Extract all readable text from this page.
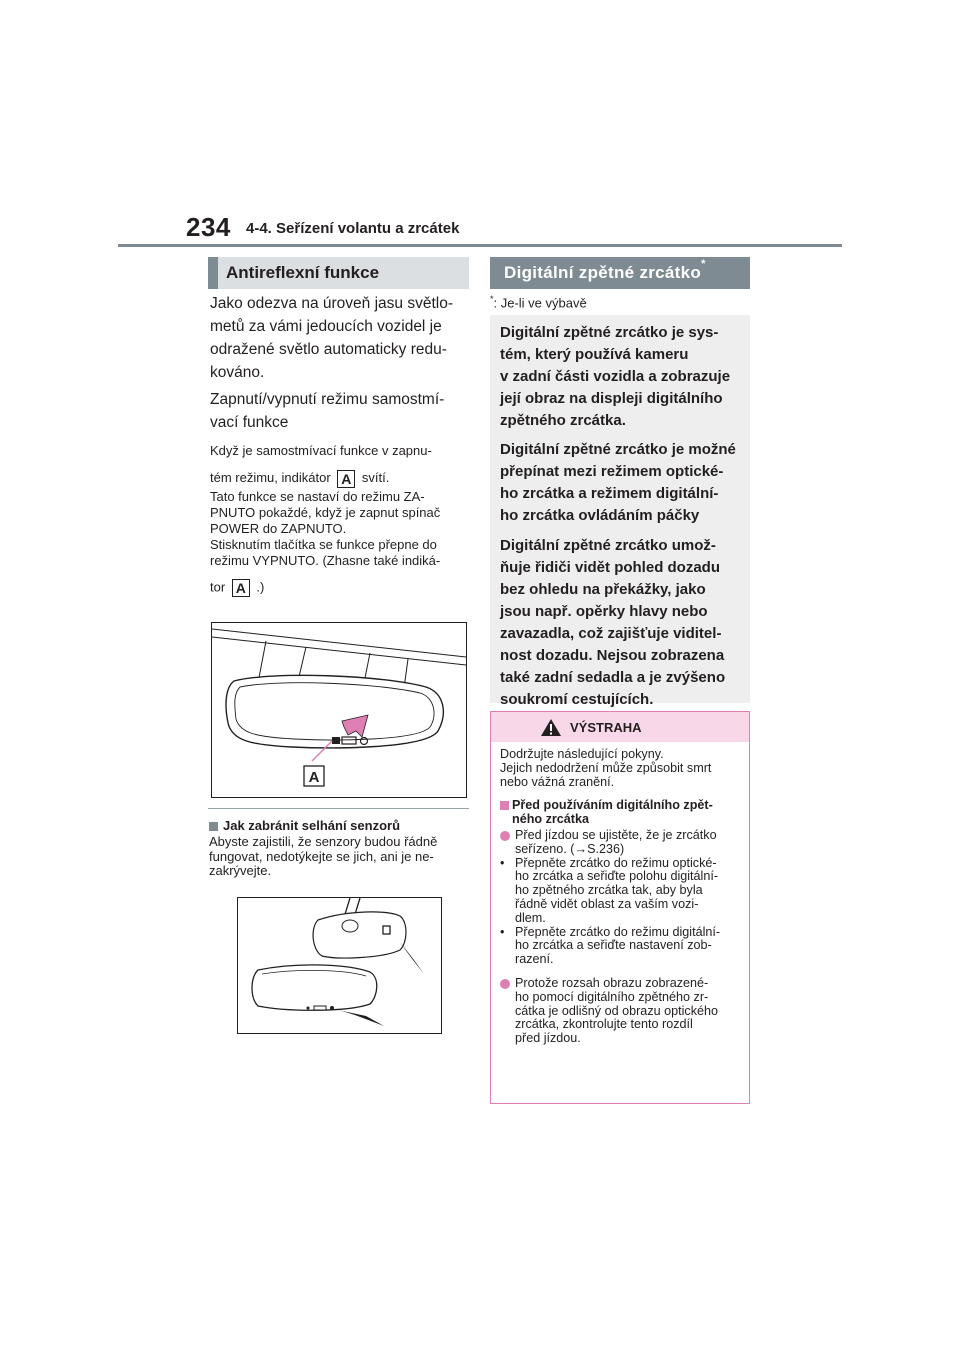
234 4-4. Seřízení volantu a zrcátek
Antireflexní funkce
Jako odezva na úroveň jasu světlo-
metů za vámi jedoucích vozidel je
odražené světlo automaticky redu-
kováno.
Zapnutí/vypnutí režimu samostmí-
vací funkce
Když je samostmívací funkce v zapnu-
tém režimu, indikátor A svítí.
Tato funkce se nastaví do režimu ZA-
PNUTO pokaždé, když je zapnut spínač
POWER do ZAPNUTO.
Stisknutím tlačítka se funkce přepne do
režimu VYPNUTO. (Zhasne také indiká-
tor A .)
A
Jak zabránit selhání senzorů
Abyste zajistili, že senzory budou řádně
fungovat, nedotýkejte se jich, ani je ne-
zakrývejte.
Digitální zpětné zrcátko*
*: Je-li ve výbavě

Digitální zpětné zrcátko je sys-
tém, který používá kameru
v zadní části vozidla a zobrazuje
její obraz na displeji digitálního
zpětného zrcátka.

Digitální zpětné zrcátko je možné
přepínat mezi režimem optické-
ho zrcátka a režimem digitální-
ho zrcátka ovládáním páčky

Digitální zpětné zrcátko umož-
ňuje řidiči vidět pohled dozadu
bez ohledu na překážky, jako
jsou např. opěrky hlavy nebo
zavazadla, což zajišťuje viditel-
nost dozadu. Nejsou zobrazena
také zadní sedadla a je zvýšeno
soukromí cestujících.

VÝSTRAHA
Dodržujte následující pokyny.
Jejich nedodržení může způsobit smrt
nebo vážná zranění.
Před používáním digitálního zpět-
ného zrcátka
Před jízdou se ujistěte, že je zrcátko
seřízeno. (→S.236)
• Přepněte zrcátko do režimu optické-
ho zrcátka a seřiďte polohu digitální-
ho zpětného zrcátka tak, aby byla
řádně vidět oblast za vaším vozi-
dlem.
• Přepněte zrcátko do režimu digitální-
ho zrcátka a seřiďte nastavení zob-
razení.
Protože rozsah obrazu zobrazené-
ho pomocí digitálního zpětného zr-
cátka je odlišný od obrazu optického
zrcátka, zkontrolujte tento rozdíl
před jízdou.
